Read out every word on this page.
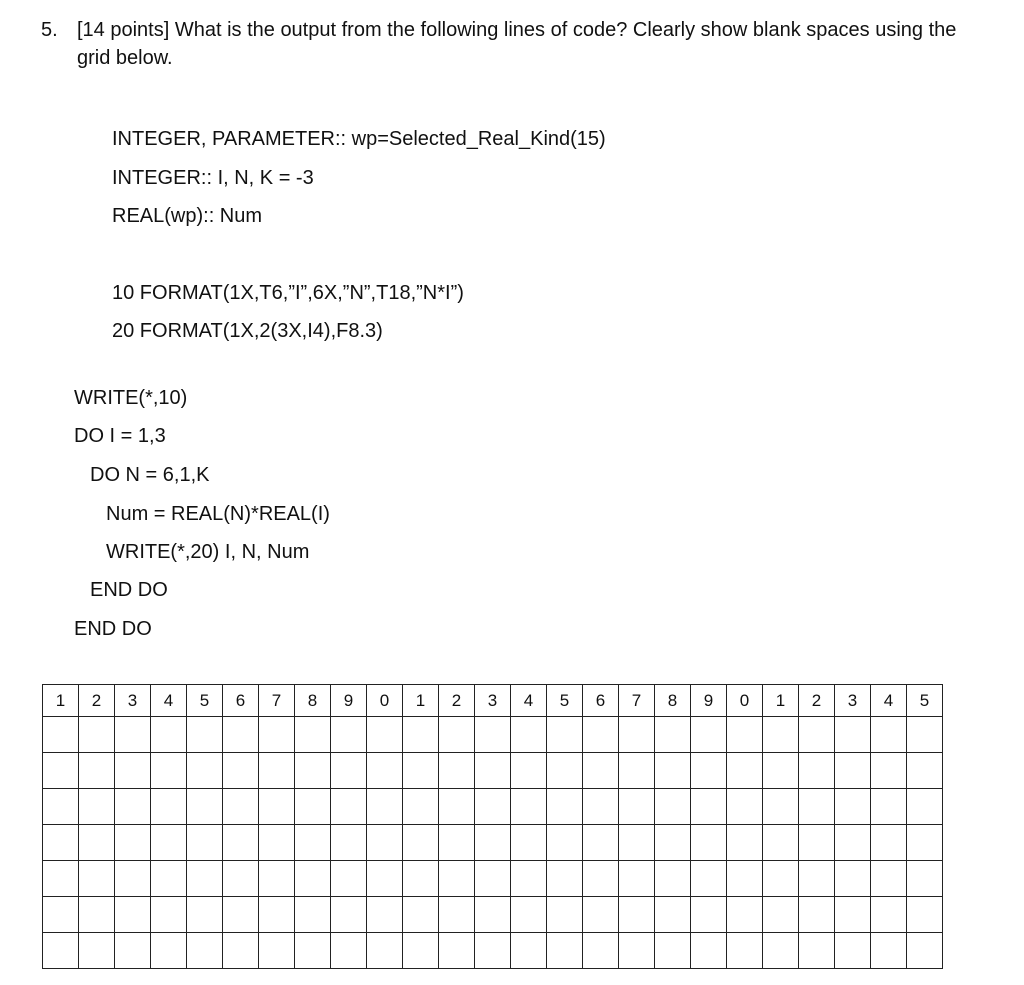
5. [14 points] What is the output from the following lines of code? Clearly show blank spaces using the grid below.
INTEGER, PARAMETER:: wp=Selected_Real_Kind(15)
INTEGER:: I, N, K = -3
REAL(wp):: Num
10 FORMAT(1X,T6,”I”,6X,”N”,T18,”N*I”)
20 FORMAT(1X,2(3X,I4),F8.3)
WRITE(*,10)
DO I = 1,3
DO N = 6,1,K
Num = REAL(N)*REAL(I)
WRITE(*,20) I, N, Num
END DO
END DO
1	2	3	4	5	6	7	8	9	0	1	2	3	4	5	6	7	8	9	0	1	2	3	4	5
